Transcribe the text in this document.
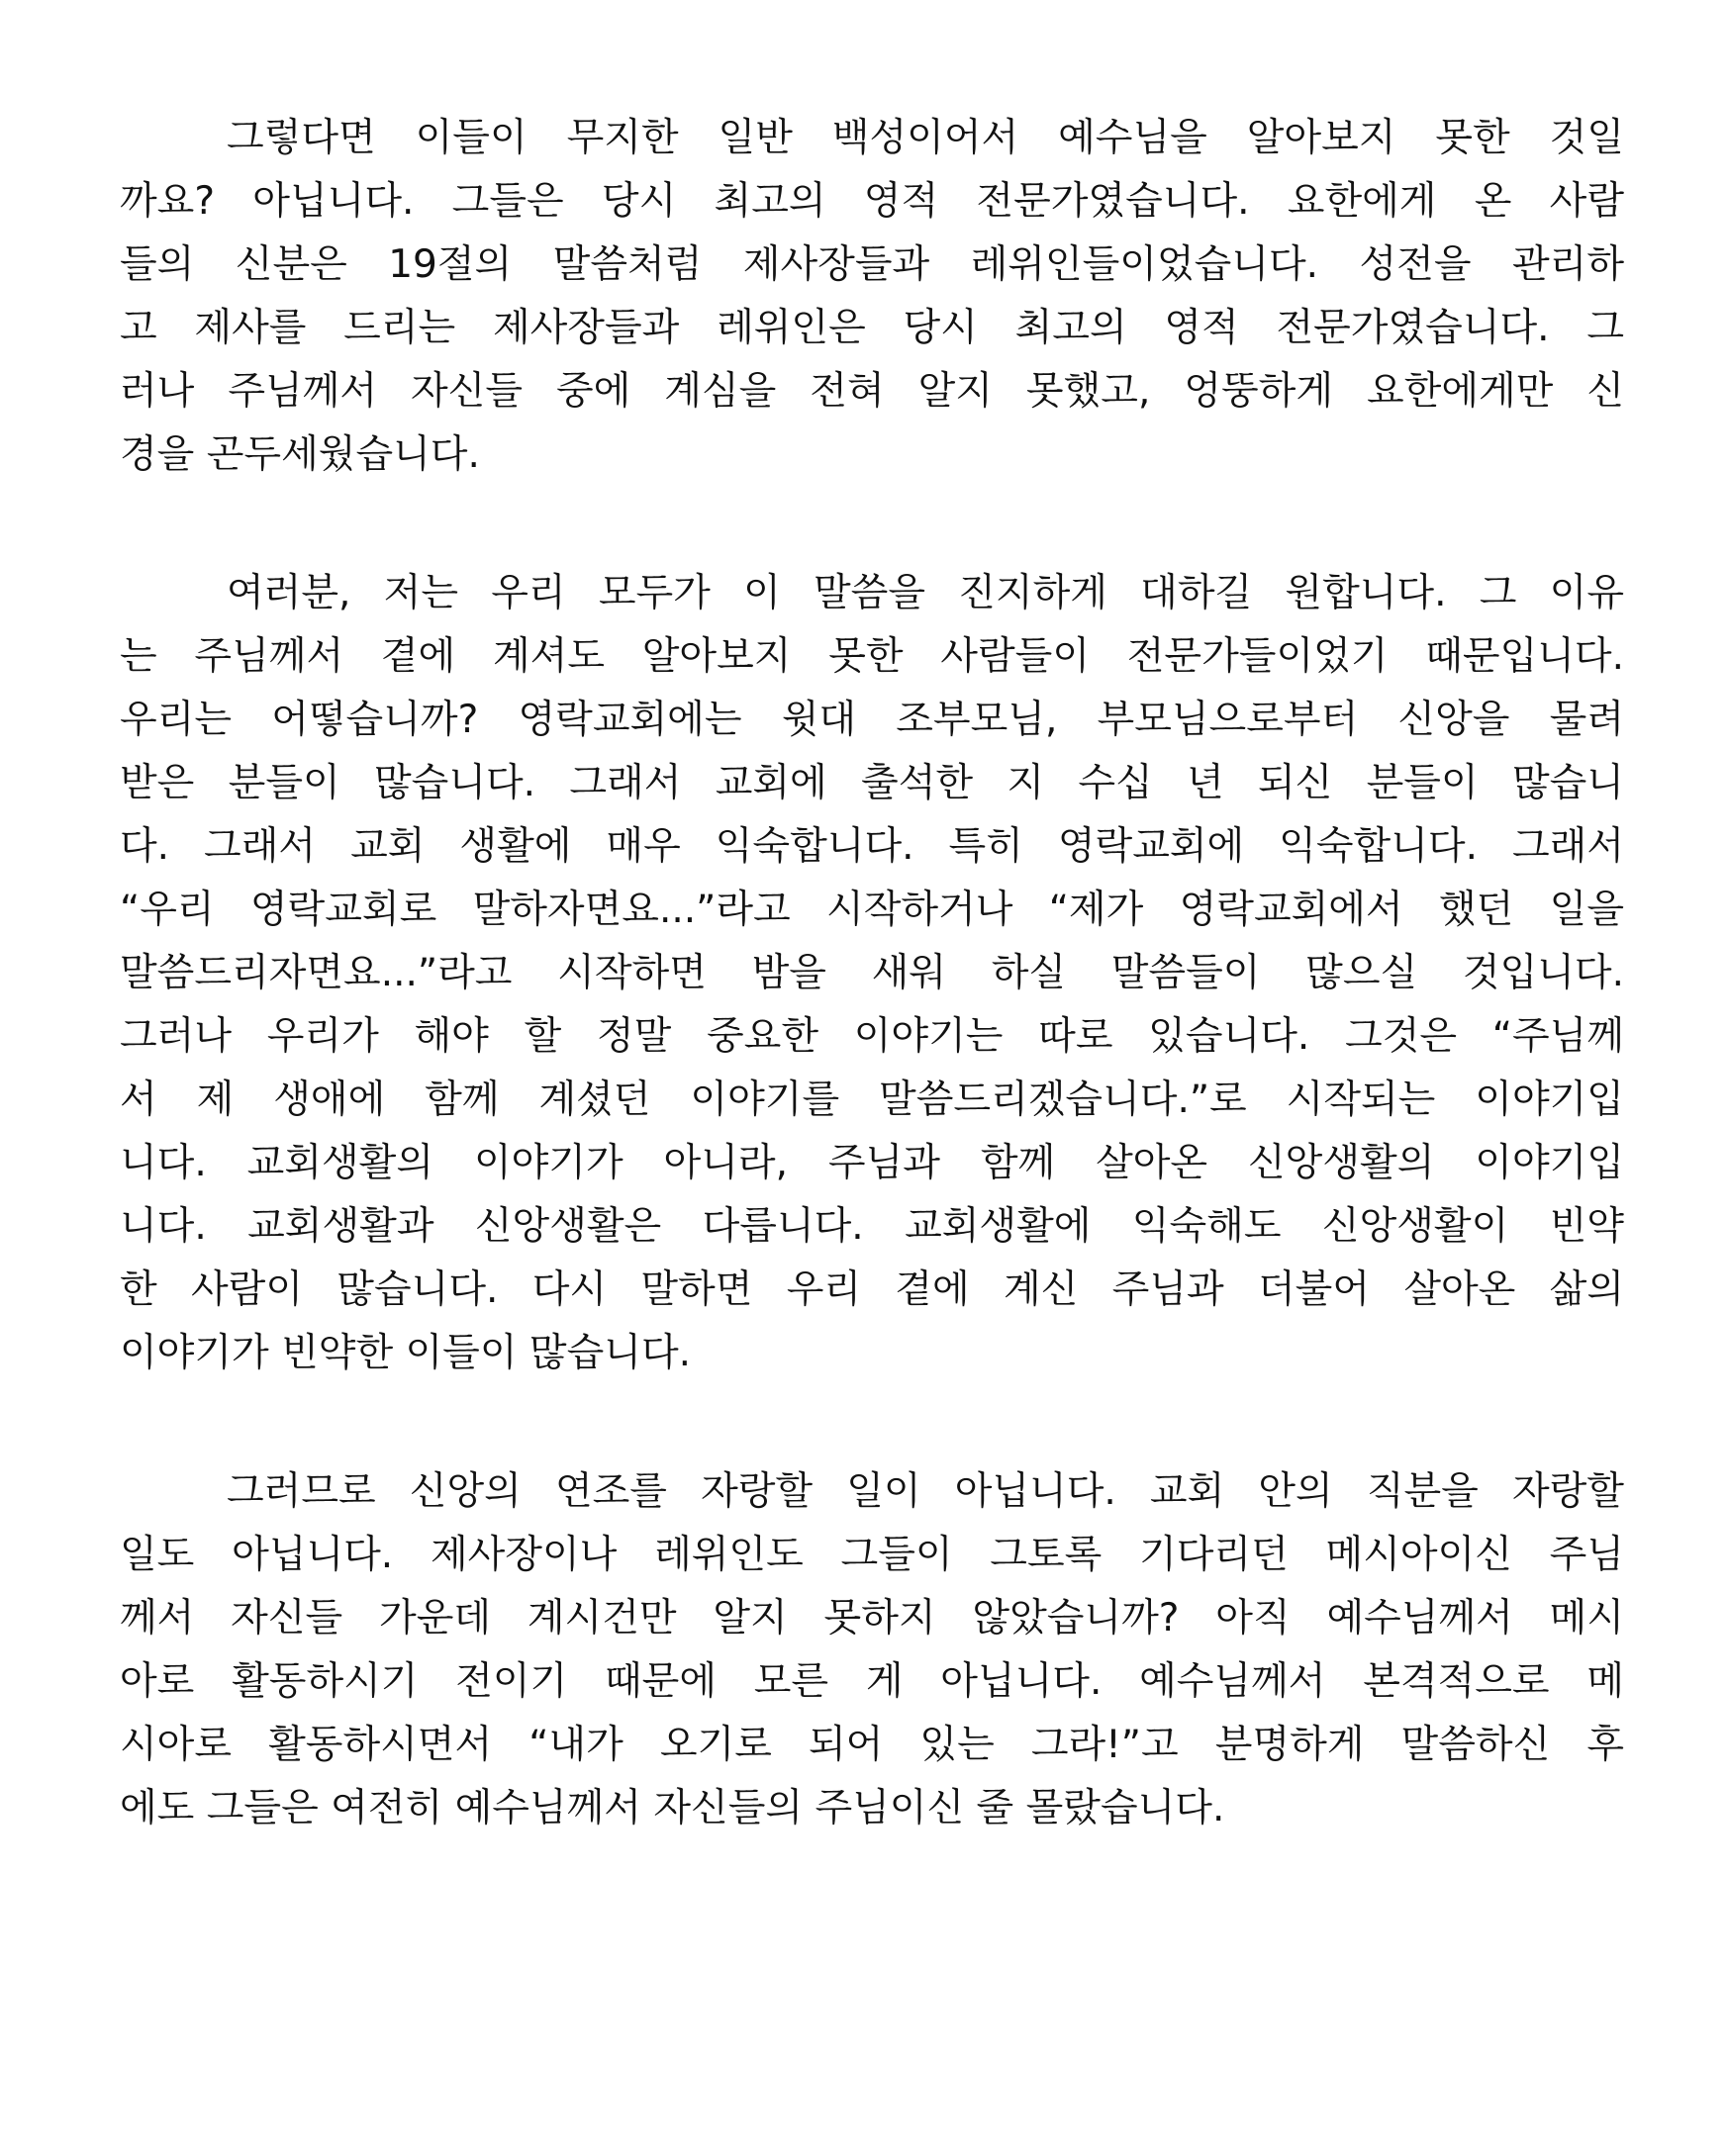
그렇다면 이들이 무지한 일반 백성이어서 예수님을 알아보지 못한 것일
까요? 아닙니다. 그들은 당시 최고의 영적 전문가였습니다. 요한에게 온 사람
들의 신분은 19절의 말씀처럼 제사장들과 레위인들이었습니다. 성전을 관리하
고 제사를 드리는 제사장들과 레위인은 당시 최고의 영적 전문가였습니다. 그
러나 주님께서 자신들 중에 계심을 전혀 알지 못했고, 엉뚱하게 요한에게만 신
경을 곤두세웠습니다.
여러분, 저는 우리 모두가 이 말씀을 진지하게 대하길 원합니다. 그 이유
는 주님께서 곁에 계셔도 알아보지 못한 사람들이 전문가들이었기 때문입니다.
우리는 어떻습니까? 영락교회에는 윗대 조부모님, 부모님으로부터 신앙을 물려
받은 분들이 많습니다. 그래서 교회에 출석한 지 수십 년 되신 분들이 많습니
다. 그래서 교회 생활에 매우 익숙합니다. 특히 영락교회에 익숙합니다. 그래서
“우리 영락교회로 말하자면요...”라고 시작하거나 “제가 영락교회에서 했던 일을
말씀드리자면요...”라고 시작하면 밤을 새워 하실 말씀들이 많으실 것입니다.
그러나 우리가 해야 할 정말 중요한 이야기는 따로 있습니다. 그것은 “주님께
서 제 생애에 함께 계셨던 이야기를 말씀드리겠습니다.”로 시작되는 이야기입
니다. 교회생활의 이야기가 아니라, 주님과 함께 살아온 신앙생활의 이야기입
니다. 교회생활과 신앙생활은 다릅니다. 교회생활에 익숙해도 신앙생활이 빈약
한 사람이 많습니다. 다시 말하면 우리 곁에 계신 주님과 더불어 살아온 삶의
이야기가 빈약한 이들이 많습니다.
그러므로 신앙의 연조를 자랑할 일이 아닙니다. 교회 안의 직분을 자랑할
일도 아닙니다. 제사장이나 레위인도 그들이 그토록 기다리던 메시아이신 주님
께서 자신들 가운데 계시건만 알지 못하지 않았습니까? 아직 예수님께서 메시
아로 활동하시기 전이기 때문에 모른 게 아닙니다. 예수님께서 본격적으로 메
시아로 활동하시면서 “내가 오기로 되어 있는 그라!”고 분명하게 말씀하신 후
에도 그들은 여전히 예수님께서 자신들의 주님이신 줄 몰랐습니다.
